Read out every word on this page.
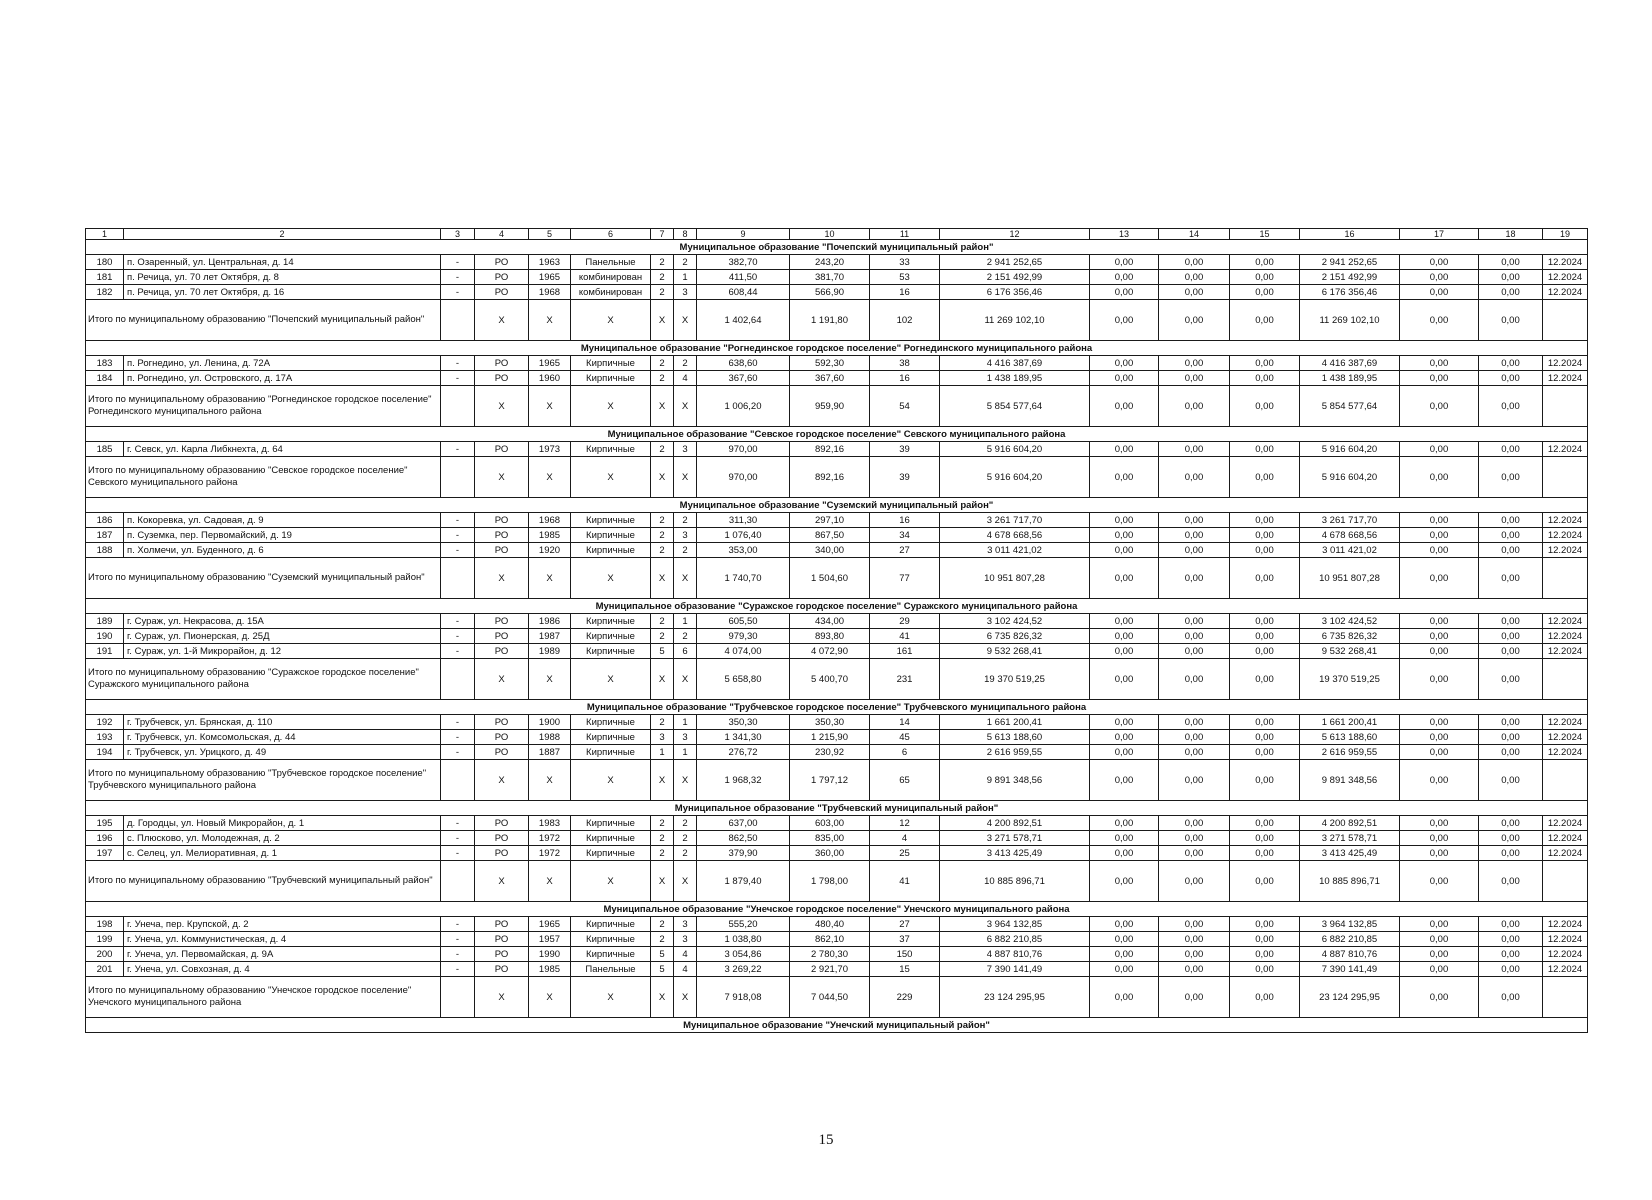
1	2	3	4	5	6	7	8	9	10	11	12	13	14	15	16	17	18	19
Муниципальное образование "Почепский муниципальный район"																		
180	п. Озаренный, ул. Центральная, д. 14	-	РО	1963	Панельные	2	2	382,70	243,20	33	2 941 252,65	0,00	0,00	0,00	2 941 252,65	0,00	0,00	12.2024
181	п. Речица, ул. 70 лет Октября, д. 8	-	РО	1965	комбинирован	2	1	411,50	381,70	53	2 151 492,99	0,00	0,00	0,00	2 151 492,99	0,00	0,00	12.2024
182	п. Речица, ул. 70 лет Октября, д. 16	-	РО	1968	комбинирован	2	3	608,44	566,90	16	6 176 356,46	0,00	0,00	0,00	6 176 356,46	0,00	0,00	12.2024
Итого по муниципальному образованию "Почепский муниципальный район"			X	X	X	X	X	1 402,64	1 191,80	102	11 269 102,10	0,00	0,00	0,00	11 269 102,10	0,00	0,00	
Муниципальное образование "Рогнединское городское поселение" Рогнединского муниципального района																		
183	п. Рогнедино, ул. Ленина, д. 72А	-	РО	1965	Кирпичные	2	2	638,60	592,30	38	4 416 387,69	0,00	0,00	0,00	4 416 387,69	0,00	0,00	12.2024
184	п. Рогнедино, ул. Островского, д. 17А	-	РО	1960	Кирпичные	2	4	367,60	367,60	16	1 438 189,95	0,00	0,00	0,00	1 438 189,95	0,00	0,00	12.2024
Итого по муниципальному образованию "Рогнединское городское поселение" Рогнединского муниципального района			X	X	X	X	X	1 006,20	959,90	54	5 854 577,64	0,00	0,00	0,00	5 854 577,64	0,00	0,00	
Муниципальное образование "Севское городское поселение" Севского муниципального района																		
185	г. Севск, ул. Карла Либкнехта, д. 64	-	РО	1973	Кирпичные	2	3	970,00	892,16	39	5 916 604,20	0,00	0,00	0,00	5 916 604,20	0,00	0,00	12.2024
Итого по муниципальному образованию "Севское городское поселение" Севского муниципального района			X	X	X	X	X	970,00	892,16	39	5 916 604,20	0,00	0,00	0,00	5 916 604,20	0,00	0,00	
Муниципальное образование "Суземский муниципальный район"																		
186	п. Кокоревка, ул. Садовая, д. 9	-	РО	1968	Кирпичные	2	2	311,30	297,10	16	3 261 717,70	0,00	0,00	0,00	3 261 717,70	0,00	0,00	12.2024
187	п. Суземка, пер. Первомайский, д. 19	-	РО	1985	Кирпичные	2	3	1 076,40	867,50	34	4 678 668,56	0,00	0,00	0,00	4 678 668,56	0,00	0,00	12.2024
188	п. Холмечи, ул. Буденного, д. 6	-	РО	1920	Кирпичные	2	2	353,00	340,00	27	3 011 421,02	0,00	0,00	0,00	3 011 421,02	0,00	0,00	12.2024
Итого по муниципальному образованию "Суземский муниципальный район"			X	X	X	X	X	1 740,70	1 504,60	77	10 951 807,28	0,00	0,00	0,00	10 951 807,28	0,00	0,00	
Муниципальное образование "Суражское городское поселение" Суражского муниципального района																		
189	г. Сураж, ул. Некрасова, д. 15А	-	РО	1986	Кирпичные	2	1	605,50	434,00	29	3 102 424,52	0,00	0,00	0,00	3 102 424,52	0,00	0,00	12.2024
190	г. Сураж, ул. Пионерская, д. 25Д	-	РО	1987	Кирпичные	2	2	979,30	893,80	41	6 735 826,32	0,00	0,00	0,00	6 735 826,32	0,00	0,00	12.2024
191	г. Сураж, ул. 1-й Микрорайон, д. 12	-	РО	1989	Кирпичные	5	6	4 074,00	4 072,90	161	9 532 268,41	0,00	0,00	0,00	9 532 268,41	0,00	0,00	12.2024
Итого по муниципальному образованию "Суражское городское поселение" Суражского муниципального района			X	X	X	X	X	5 658,80	5 400,70	231	19 370 519,25	0,00	0,00	0,00	19 370 519,25	0,00	0,00	
Муниципальное образование "Трубчевское городское поселение" Трубчевского муниципального района																		
192	г. Трубчевск, ул. Брянская, д. 110	-	РО	1900	Кирпичные	2	1	350,30	350,30	14	1 661 200,41	0,00	0,00	0,00	1 661 200,41	0,00	0,00	12.2024
193	г. Трубчевск, ул. Комсомольская, д. 44	-	РО	1988	Кирпичные	3	3	1 341,30	1 215,90	45	5 613 188,60	0,00	0,00	0,00	5 613 188,60	0,00	0,00	12.2024
194	г. Трубчевск, ул. Урицкого, д. 49	-	РО	1887	Кирпичные	1	1	276,72	230,92	6	2 616 959,55	0,00	0,00	0,00	2 616 959,55	0,00	0,00	12.2024
Итого по муниципальному образованию "Трубчевское городское поселение" Трубчевского муниципального района			X	X	X	X	X	1 968,32	1 797,12	65	9 891 348,56	0,00	0,00	0,00	9 891 348,56	0,00	0,00	
Муниципальное образование "Трубчевский муниципальный район"																		
195	д. Городцы, ул. Новый Микрорайон, д. 1	-	РО	1983	Кирпичные	2	2	637,00	603,00	12	4 200 892,51	0,00	0,00	0,00	4 200 892,51	0,00	0,00	12.2024
196	с. Плюсково, ул. Молодежная, д. 2	-	РО	1972	Кирпичные	2	2	862,50	835,00	4	3 271 578,71	0,00	0,00	0,00	3 271 578,71	0,00	0,00	12.2024
197	с. Селец, ул. Мелиоративная, д. 1	-	РО	1972	Кирпичные	2	2	379,90	360,00	25	3 413 425,49	0,00	0,00	0,00	3 413 425,49	0,00	0,00	12.2024
Итого по муниципальному образованию "Трубчевский муниципальный район"			X	X	X	X	X	1 879,40	1 798,00	41	10 885 896,71	0,00	0,00	0,00	10 885 896,71	0,00	0,00	
Муниципальное образование "Унечское городское поселение" Унечского муниципального района																		
198	г. Унеча, пер. Крупской, д. 2	-	РО	1965	Кирпичные	2	3	555,20	480,40	27	3 964 132,85	0,00	0,00	0,00	3 964 132,85	0,00	0,00	12.2024
199	г. Унеча, ул. Коммунистическая, д. 4	-	РО	1957	Кирпичные	2	3	1 038,80	862,10	37	6 882 210,85	0,00	0,00	0,00	6 882 210,85	0,00	0,00	12.2024
200	г. Унеча, ул. Первомайская, д. 9А	-	РО	1990	Кирпичные	5	4	3 054,86	2 780,30	150	4 887 810,76	0,00	0,00	0,00	4 887 810,76	0,00	0,00	12.2024
201	г. Унеча, ул. Совхозная, д. 4	-	РО	1985	Панельные	5	4	3 269,22	2 921,70	15	7 390 141,49	0,00	0,00	0,00	7 390 141,49	0,00	0,00	12.2024
Итого по муниципальному образованию "Унечское городское поселение" Унечского муниципального района			X	X	X	X	X	7 918,08	7 044,50	229	23 124 295,95	0,00	0,00	0,00	23 124 295,95	0,00	0,00	
Муниципальное образование "Унечский муниципальный район"																		
15
